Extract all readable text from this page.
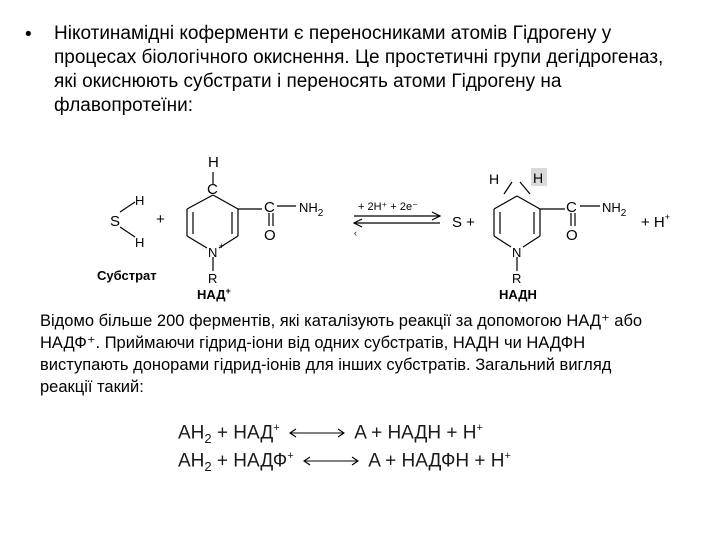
• Нікотинамідні коферменти є переносниками атомів Гідрогену у
процесах біологічного окиснення. Це простетичні групи дегідрогеназ,
які окиснюють субстрати і переносять атоми Гідрогену на
флавопротеїни:
S
H
H
Субстрат
+
H
C
N +
R
C
O
$NH_2$
НАД+
+ 2H⁺ + 2e⁻
‹
S +
H H
N
R
C
O
$NH_2$
+ H+
НАДН
Відомо більше 200 ферментів, які каталізують реакції за допомогою НАД⁺ або
НАДФ⁺. Приймаючи гідрид-іони від одних субстратів, НАДН чи НАДФН
виступають донорами гідрид-іонів для інших субстратів. Загальний вигляд
реакції такий:
$AH_2 + НАД^+$	A + НАДН + H+
$AH_2$ + НАДФ+	A + НАДФН + H+
